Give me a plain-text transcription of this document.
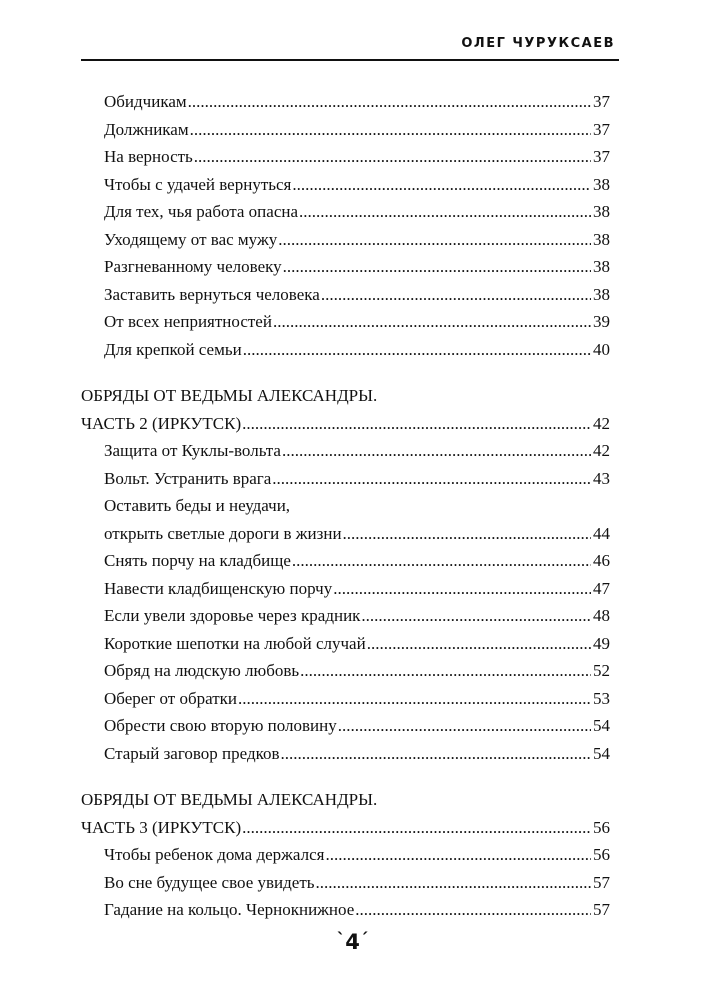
ОЛЕГ ЧУРУКСАЕВ
Обидчикам .....	37
Должникам .....	37
На верность .....	37
Чтобы с удачей вернуться .....	38
Для тех, чья работа опасна .....	38
Уходящему от вас мужу .....	38
Разгневанному человеку .....	38
Заставить вернуться человека .....	38
От всех неприятностей .....	39
Для крепкой семьи .....	40
ОБРЯДЫ ОТ ВЕДЬМЫ АЛЕКСАНДРЫ.
ЧАСТЬ 2 (ИРКУТСК) .....	42
Защита от Куклы-вольта .....	42
Вольт. Устранить врага .....	43
Оставить беды и неудачи,
открыть светлые дороги в жизни .....	44
Снять порчу на кладбище .....	46
Навести кладбищенскую порчу .....	47
Если увели здоровье через крадник .....	48
Короткие шепотки на любой случай .....	49
Обряд на людскую любовь .....	52
Оберег от обратки .....	53
Обрести свою вторую половину .....	54
Старый заговор предков .....	54
ОБРЯДЫ ОТ ВЕДЬМЫ АЛЕКСАНДРЫ.
ЧАСТЬ 3 (ИРКУТСК) .....	56
Чтобы ребенок дома держался .....	56
Во сне будущее свое увидеть .....	57
Гадание на кольцо. Чернокнижное .....	57
ˋ4ˊ
